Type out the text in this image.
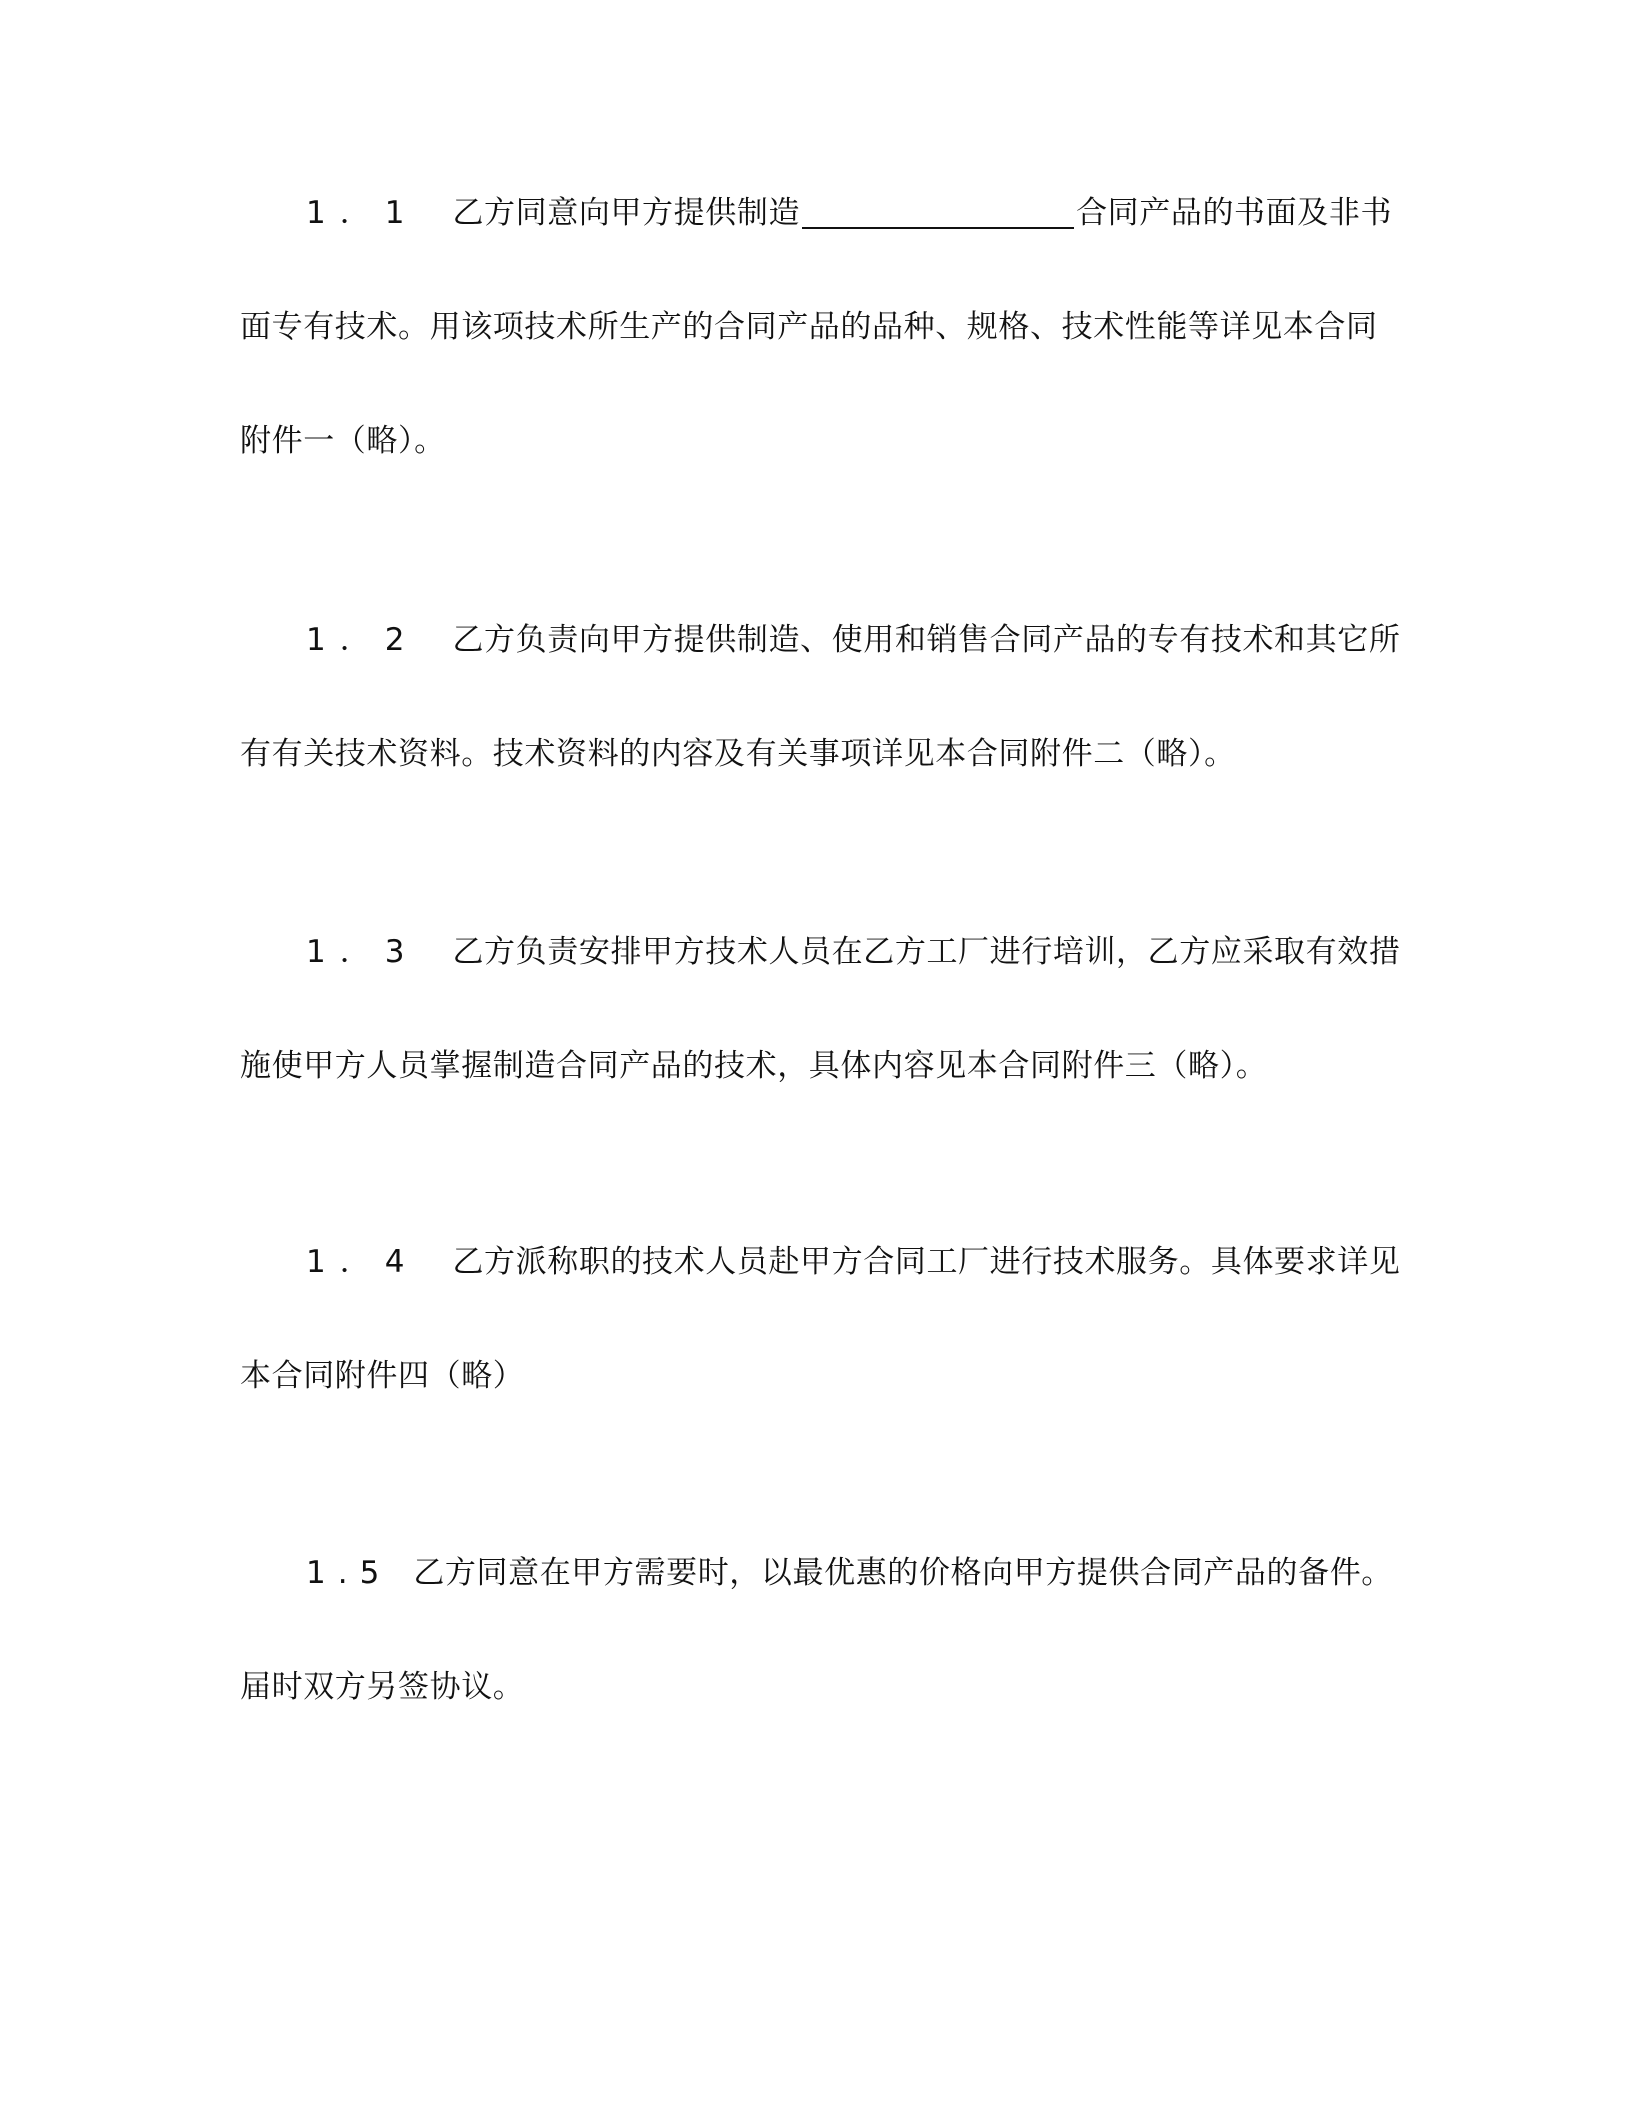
1．1 乙方同意向甲方提供制造	合同产品的书面及非书
面专有技术。用该项技术所生产的合同产品的品种、规格、技术性能等详见本合同
附件一（略）。
1．2 乙方负责向甲方提供制造、使用和销售合同产品的专有技术和其它所
有有关技术资料。技术资料的内容及有关事项详见本合同附件二（略）。
1．3 乙方负责安排甲方技术人员在乙方工厂进行培训，乙方应采取有效措
施使甲方人员掌握制造合同产品的技术，具体内容见本合同附件三（略）。
1．4 乙方派称职的技术人员赴甲方合同工厂进行技术服务。具体要求详见
本合同附件四（略）
1.5 乙方同意在甲方需要时，以最优惠的价格向甲方提供合同产品的备件。
届时双方另签协议。
